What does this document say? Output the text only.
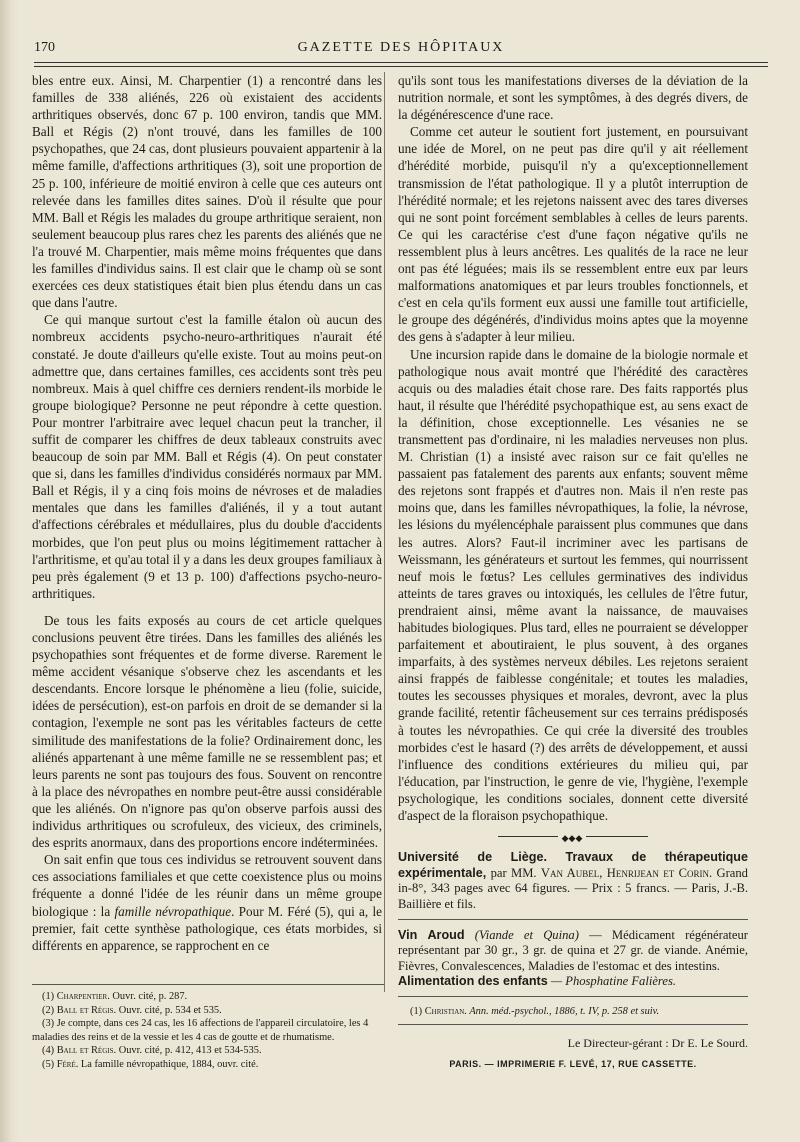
170	GAZETTE DES HÔPITAUX

bles entre eux. Ainsi, M. Charpentier (1) a rencontré dans les familles de 338 aliénés, 226 où existaient des accidents arthritiques observés, donc 67 p. 100 environ, tandis que MM. Ball et Régis (2) n'ont trouvé, dans les familles de 100 psychopathes, que 24 cas, dont plusieurs pouvaient appartenir à la même famille, d'affections arthritiques (3), soit une proportion de 25 p. 100, inférieure de moitié environ à celle que ces auteurs ont relevée dans les familles dites saines. D'où il résulte que pour MM. Ball et Régis les malades du groupe arthritique seraient, non seulement beaucoup plus rares chez les parents des aliénés que ne l'a trouvé M. Charpentier, mais même moins fréquentes que dans les familles d'individus sains. Il est clair que le champ où se sont exercées ces deux statistiques était bien plus étendu dans un cas que dans l'autre.

Ce qui manque surtout c'est la famille étalon où aucun des nombreux accidents psycho-neuro-arthritiques n'aurait été constaté. Je doute d'ailleurs qu'elle existe. Tout au moins peut-on admettre que, dans certaines familles, ces accidents sont très peu nombreux. Mais à quel chiffre ces derniers rendent-ils morbide le groupe biologique? Personne ne peut répondre à cette question. Pour montrer l'arbitraire avec lequel chacun peut la trancher, il suffit de comparer les chiffres de deux tableaux construits avec beaucoup de soin par MM. Ball et Régis (4). On peut constater que si, dans les familles d'individus considérés normaux par MM. Ball et Régis, il y a cinq fois moins de névroses et de maladies mentales que dans les familles d'aliénés, il y a tout autant d'affections cérébrales et médullaires, plus du double d'accidents morbides, que l'on peut plus ou moins légitimement rattacher à l'arthritisme, et qu'au total il y a dans les deux groupes familiaux à peu près également (9 et 13 p. 100) d'affections psycho-neuro-arthritiques.

De tous les faits exposés au cours de cet article quelques conclusions peuvent être tirées. Dans les familles des aliénés les psychopathies sont fréquentes et de forme diverse. Rarement le même accident vésanique s'observe chez les ascendants et les descendants. Encore lorsque le phénomène a lieu (folie, suicide, idées de persécution), est-on parfois en droit de se demander si la contagion, l'exemple ne sont pas les véritables facteurs de cette similitude des manifestations de la folie? Ordinairement donc, les aliénés appartenant à une même famille ne se ressemblent pas; et leurs parents ne sont pas toujours des fous. Souvent on rencontre à la place des névropathes en nombre peut-être aussi considérable que les aliénés. On n'ignore pas qu'on observe parfois aussi des individus arthritiques ou scrofuleux, des vicieux, des criminels, des esprits anormaux, dans des proportions encore indéterminées.

On sait enfin que tous ces individus se retrouvent souvent dans ces associations familiales et que cette coexistence plus ou moins fréquente a donné l'idée de les réunir dans un même groupe biologique : la famille névropathique. Pour M. Féré (5), qui a, le premier, fait cette synthèse pathologique, ces états morbides, si différents en apparence, se rapprochent en ce

(1) Charpentier. Ouvr. cité, p. 287.
(2) Ball et Régis. Ouvr. cité, p. 534 et 535.
(3) Je compte, dans ces 24 cas, les 16 affections de l'appareil circulatoire, les 4 maladies des reins et de la vessie et les 4 cas de goutte et de rhumatisme.
(4) Ball et Régis. Ouvr. cité, p. 412, 413 et 534-535.
(5) Féré. La famille névropathique, 1884, ouvr. cité.

qu'ils sont tous les manifestations diverses de la déviation de la nutrition normale, et sont les symptômes, à des degrés divers, de la dégénérescence d'une race.

Comme cet auteur le soutient fort justement, en poursuivant une idée de Morel, on ne peut pas dire qu'il y ait réellement d'hérédité morbide, puisqu'il n'y a qu'exceptionnellement transmission de l'état pathologique. Il y a plutôt interruption de l'hérédité normale; et les rejetons naissent avec des tares diverses qui ne sont point forcément semblables à celles de leurs parents. Ce qui les caractérise c'est d'une façon négative qu'ils ne ressemblent plus à leurs ancêtres. Les qualités de la race ne leur ont pas été léguées; mais ils se ressemblent entre eux par leurs malformations anatomiques et par leurs troubles fonctionnels, et c'est en cela qu'ils forment eux aussi une famille tout artificielle, le groupe des dégénérés, d'individus moins aptes que la moyenne des gens à s'adapter à leur milieu.

Une incursion rapide dans le domaine de la biologie normale et pathologique nous avait montré que l'hérédité des caractères acquis ou des maladies était chose rare. Des faits rapportés plus haut, il résulte que l'hérédité psychopathique est, au sens exact de la définition, chose exceptionnelle. Les vésanies ne se transmettent pas d'ordinaire, ni les maladies nerveuses non plus. M. Christian (1) a insisté avec raison sur ce fait qu'elles ne passaient pas fatalement des parents aux enfants; souvent même des rejetons sont frappés et d'autres non. Mais il n'en reste pas moins que, dans les familles névropathiques, la folie, la névrose, les lésions du myélencéphale paraissent plus communes que dans les autres. Alors? Faut-il incriminer avec les partisans de Weissmann, les générateurs et surtout les femmes, qui nourrissent neuf mois le fœtus? Les cellules germinatives des individus atteints de tares graves ou intoxiqués, les cellules de l'être futur, prendraient ainsi, même avant la naissance, de mauvaises habitudes biologiques. Plus tard, elles ne pourraient se développer parfaitement et aboutiraient, le plus souvent, à des organes imparfaits, à des systèmes nerveux débiles. Les rejetons seraient ainsi frappés de faiblesse congénitale; et toutes les maladies, toutes les secousses physiques et morales, devront, avec la plus grande facilité, retentir fâcheusement sur ces terrains prédisposés à toutes les névropathies. Ce qui crée la diversité des troubles morbides c'est le hasard (?) des arrêts de développement, et aussi l'influence des conditions extérieures du milieu qui, par l'éducation, par l'instruction, le genre de vie, l'hygiène, l'exemple psychologique, les conditions sociales, donnent cette diversité d'aspect de la floraison psychopathique.

◆◆◆

Université de Liège. Travaux de thérapeutique expérimentale, par MM. Van Aubel, Henrijean et Corin. Grand in-8°, 343 pages avec 64 figures. — Prix : 5 francs. — Paris, J.-B. Baillière et fils.

Vin Aroud (Viande et Quina) — Médicament régénérateur représentant par 30 gr., 3 gr. de quina et 27 gr. de viande. Anémie, Fièvres, Convalescences, Maladies de l'estomac et des intestins.

Alimentation des enfants — Phosphatine Falières.

(1) Christian. Ann. méd.-psychol., 1886, t. IV, p. 258 et suiv.

Le Directeur-gérant : Dr E. Le Sourd.
PARIS. — IMPRIMERIE F. LEVÉ, 17, RUE CASSETTE.
